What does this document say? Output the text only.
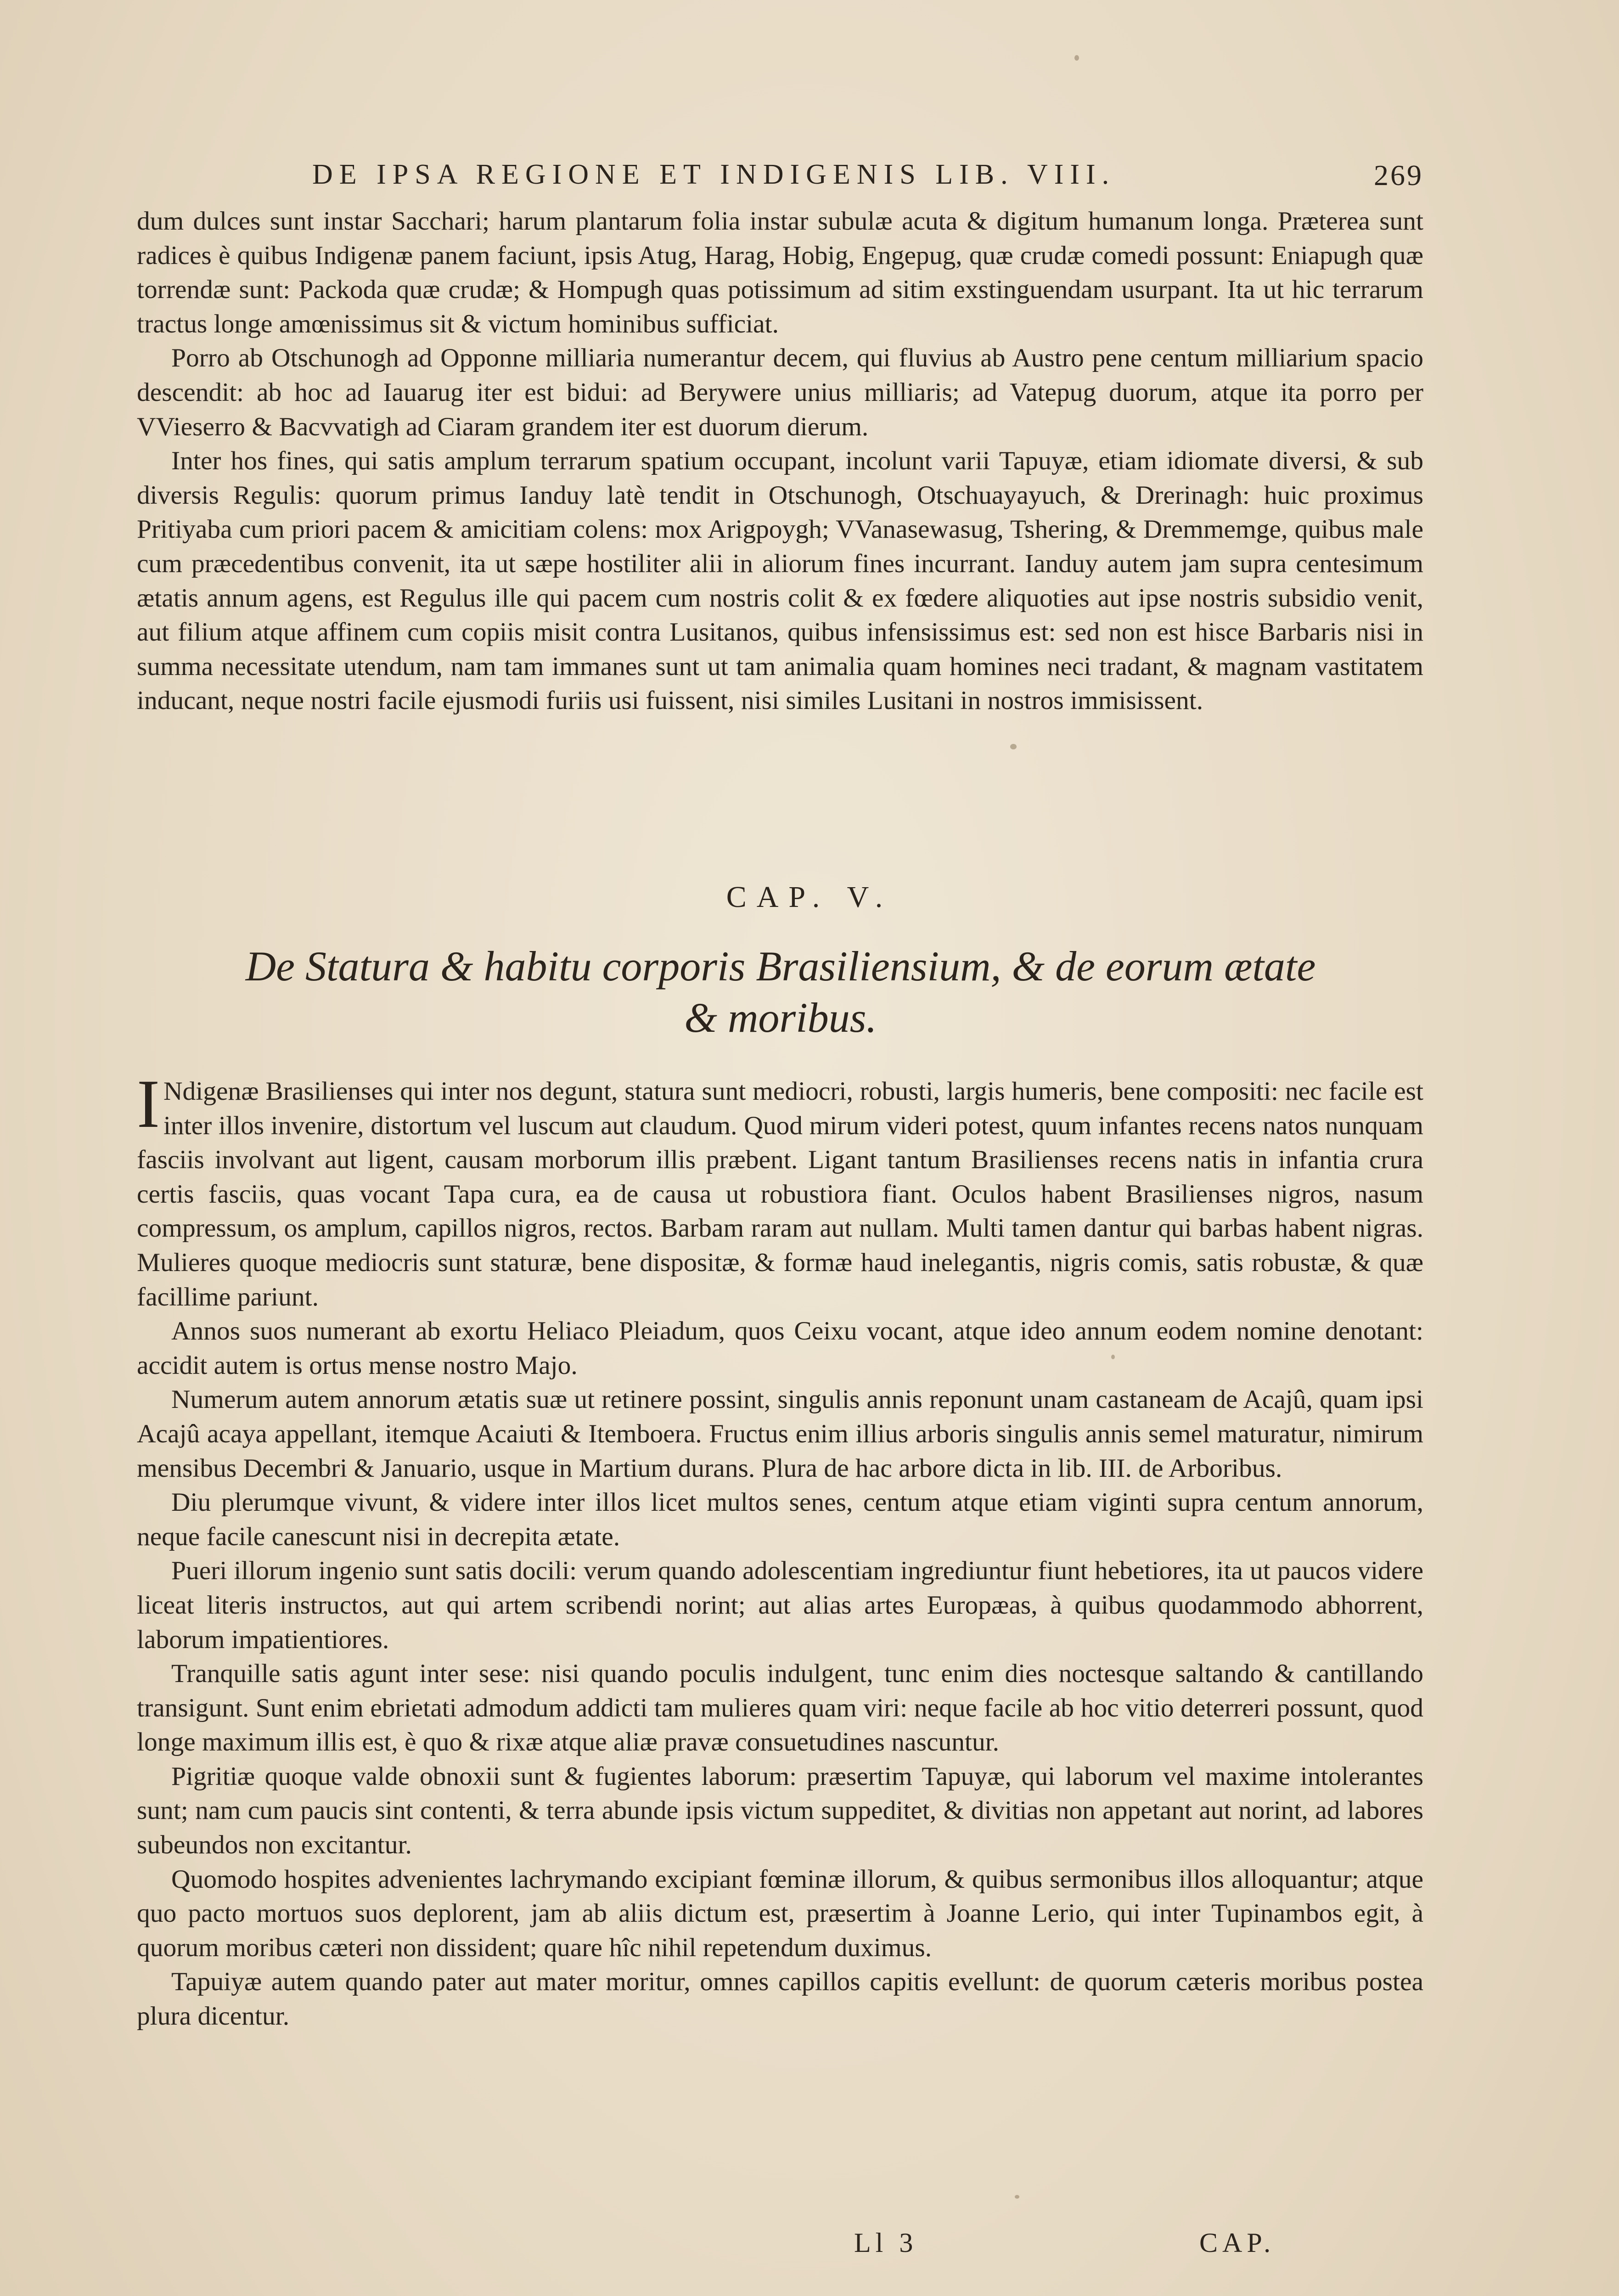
DE IPSA REGIONE ET INDIGENIS LIB. VIII.	269

dum dulces sunt instar Sacchari; harum plantarum folia instar subulæ acuta & digitum humanum longa. Præterea sunt radices è quibus Indigenæ panem faciunt, ipsis Atug, Harag, Hobig, Engepug, quæ crudæ comedi possunt: Eniapugh quæ torrendæ sunt: Packoda quæ crudæ; & Hompugh quas potissimum ad sitim exstinguendam usurpant. Ita ut hic terrarum tractus longe amœnissimus sit & victum hominibus sufficiat.

Porro ab Otschunogh ad Opponne milliaria numerantur decem, qui fluvius ab Austro pene centum milliarium spacio descendit: ab hoc ad Iauarug iter est bidui: ad Berywere unius milliaris; ad Vatepug duorum, atque ita porro per VVieserro & Bacvvatigh ad Ciaram grandem iter est duorum dierum.

Inter hos fines, qui satis amplum terrarum spatium occupant, incolunt varii Tapuyæ, etiam idiomate diversi, & sub diversis Regulis: quorum primus Ianduy latè tendit in Otschunogh, Otschuayayuch, & Drerinagh: huic proximus Pritiyaba cum priori pacem & amicitiam colens: mox Arigpoygh; VVanasewasug, Tshering, & Dremmemge, quibus male cum præcedentibus convenit, ita ut sæpe hostiliter alii in aliorum fines incurrant. Ianduy autem jam supra centesimum ætatis annum agens, est Regulus ille qui pacem cum nostris colit & ex fœdere aliquoties aut ipse nostris subsidio venit, aut filium atque affinem cum copiis misit contra Lusitanos, quibus infensissimus est: sed non est hisce Barbaris nisi in summa necessitate utendum, nam tam immanes sunt ut tam animalia quam homines neci tradant, & magnam vastitatem inducant, neque nostri facile ejusmodi furiis usi fuissent, nisi similes Lusitani in nostros immisissent.

CAP. V.
De Statura & habitu corporis Brasiliensium, & de eorum ætate
& moribus.

I Ndigenæ Brasilienses qui inter nos degunt, statura sunt mediocri, robusti, largis humeris, bene compositi: nec facile est inter illos invenire, distortum vel luscum aut claudum. Quod mirum videri potest, quum infantes recens natos nunquam fasciis involvant aut ligent, causam morborum illis præbent. Ligant tantum Brasilienses recens natis in infantia crura certis fasciis, quas vocant Tapa cura, ea de causa ut robustiora fiant. Oculos habent Brasilienses nigros, nasum compressum, os amplum, capillos nigros, rectos. Barbam raram aut nullam. Multi tamen dantur qui barbas habent nigras. Mulieres quoque mediocris sunt staturæ, bene dispositæ, & formæ haud inelegantis, nigris comis, satis robustæ, & quæ facillime pariunt.

Annos suos numerant ab exortu Heliaco Pleiadum, quos Ceixu vocant, atque ideo annum eodem nomine denotant: accidit autem is ortus mense nostro Majo.

Numerum autem annorum ætatis suæ ut retinere possint, singulis annis reponunt unam castaneam de Acajû, quam ipsi Acajû acaya appellant, itemque Acaiuti & Itemboera. Fructus enim illius arboris singulis annis semel maturatur, nimirum mensibus Decembri & Januario, usque in Martium durans. Plura de hac arbore dicta in lib. III. de Arboribus.

Diu plerumque vivunt, & videre inter illos licet multos senes, centum atque etiam viginti supra centum annorum, neque facile canescunt nisi in decrepita ætate.

Pueri illorum ingenio sunt satis docili: verum quando adolescentiam ingrediuntur fiunt hebetiores, ita ut paucos videre liceat literis instructos, aut qui artem scribendi norint; aut alias artes Europæas, à quibus quodammodo abhorrent, laborum impatientiores.

Tranquille satis agunt inter sese: nisi quando poculis indulgent, tunc enim dies noctesque saltando & cantillando transigunt. Sunt enim ebrietati admodum addicti tam mulieres quam viri: neque facile ab hoc vitio deterreri possunt, quod longe maximum illis est, è quo & rixæ atque aliæ pravæ consuetudines nascuntur.

Pigritiæ quoque valde obnoxii sunt & fugientes laborum: præsertim Tapuyæ, qui laborum vel maxime intolerantes sunt; nam cum paucis sint contenti, & terra abunde ipsis victum suppeditet, & divitias non appetant aut norint, ad labores subeundos non excitantur.

Quomodo hospites advenientes lachrymando excipiant fœminæ illorum, & quibus sermonibus illos alloquantur; atque quo pacto mortuos suos deplorent, jam ab aliis dictum est, præsertim à Joanne Lerio, qui inter Tupinambos egit, à quorum moribus cæteri non dissident; quare hîc nihil repetendum duximus.

Tapuiyæ autem quando pater aut mater moritur, omnes capillos capitis evellunt: de quorum cæteris moribus postea plura dicentur.

Ll 3	CAP.
